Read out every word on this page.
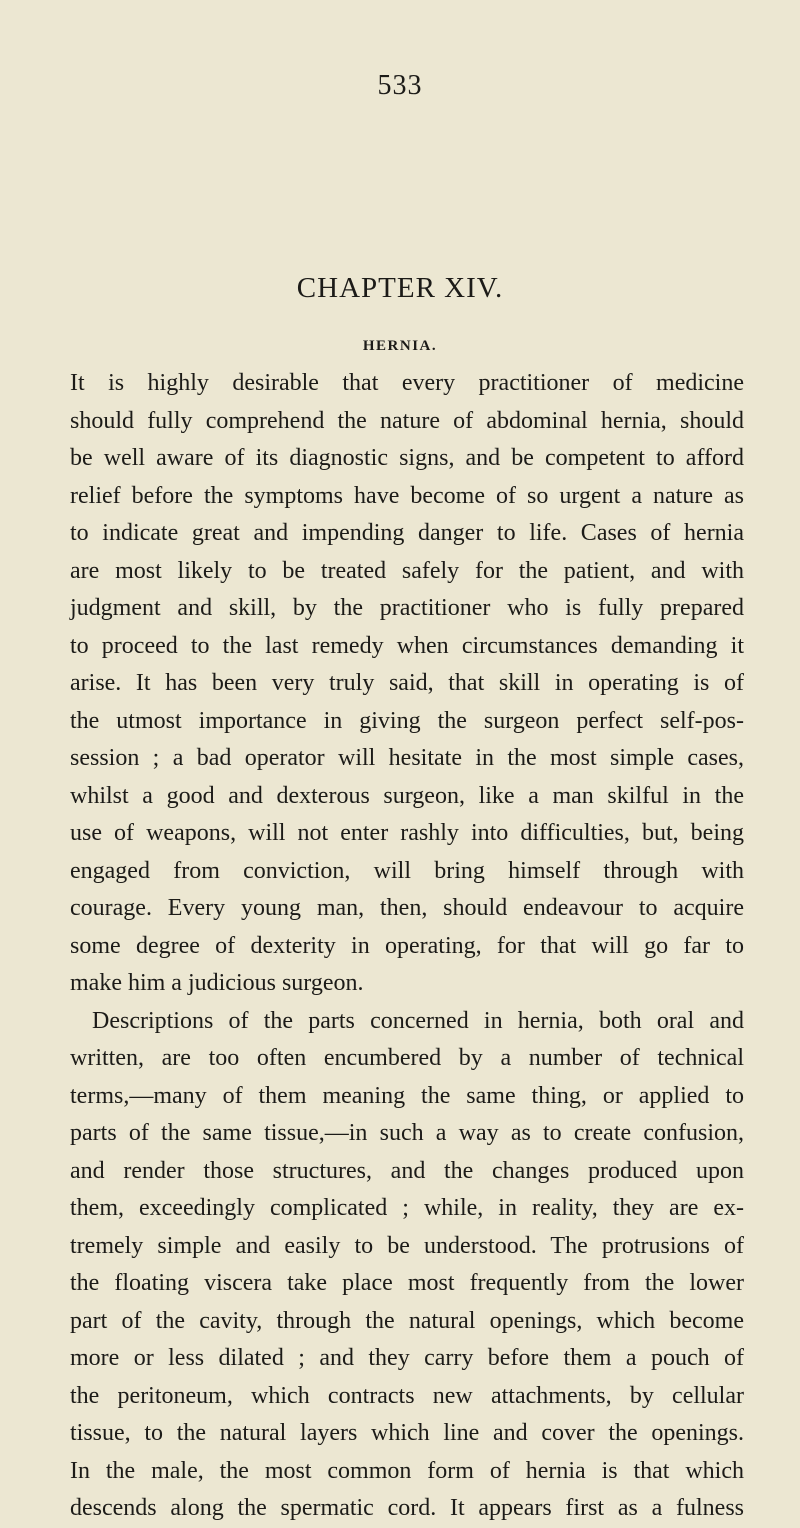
533
CHAPTER XIV.
HERNIA.
It is highly desirable that every practitioner of medicine
should fully comprehend the nature of abdominal hernia, should
be well aware of its diagnostic signs, and be competent to afford
relief before the symptoms have become of so urgent a nature as
to indicate great and impending danger to life. Cases of hernia
are most likely to be treated safely for the patient, and with
judgment and skill, by the practitioner who is fully prepared
to proceed to the last remedy when circumstances demanding it
arise. It has been very truly said, that skill in operating is of
the utmost importance in giving the surgeon perfect self-pos-
session ; a bad operator will hesitate in the most simple cases,
whilst a good and dexterous surgeon, like a man skilful in the
use of weapons, will not enter rashly into difficulties, but, being
engaged from conviction, will bring himself through with
courage. Every young man, then, should endeavour to acquire
some degree of dexterity in operating, for that will go far to
make him a judicious surgeon.
Descriptions of the parts concerned in hernia, both oral and
written, are too often encumbered by a number of technical
terms,—many of them meaning the same thing, or applied to
parts of the same tissue,—in such a way as to create confusion,
and render those structures, and the changes produced upon
them, exceedingly complicated ; while, in reality, they are ex-
tremely simple and easily to be understood. The protrusions of
the floating viscera take place most frequently from the lower
part of the cavity, through the natural openings, which become
more or less dilated ; and they carry before them a pouch of
the peritoneum, which contracts new attachments, by cellular
tissue, to the natural layers which line and cover the openings.
In the male, the most common form of hernia is that which
descends along the spermatic cord. It appears first as a fulness
